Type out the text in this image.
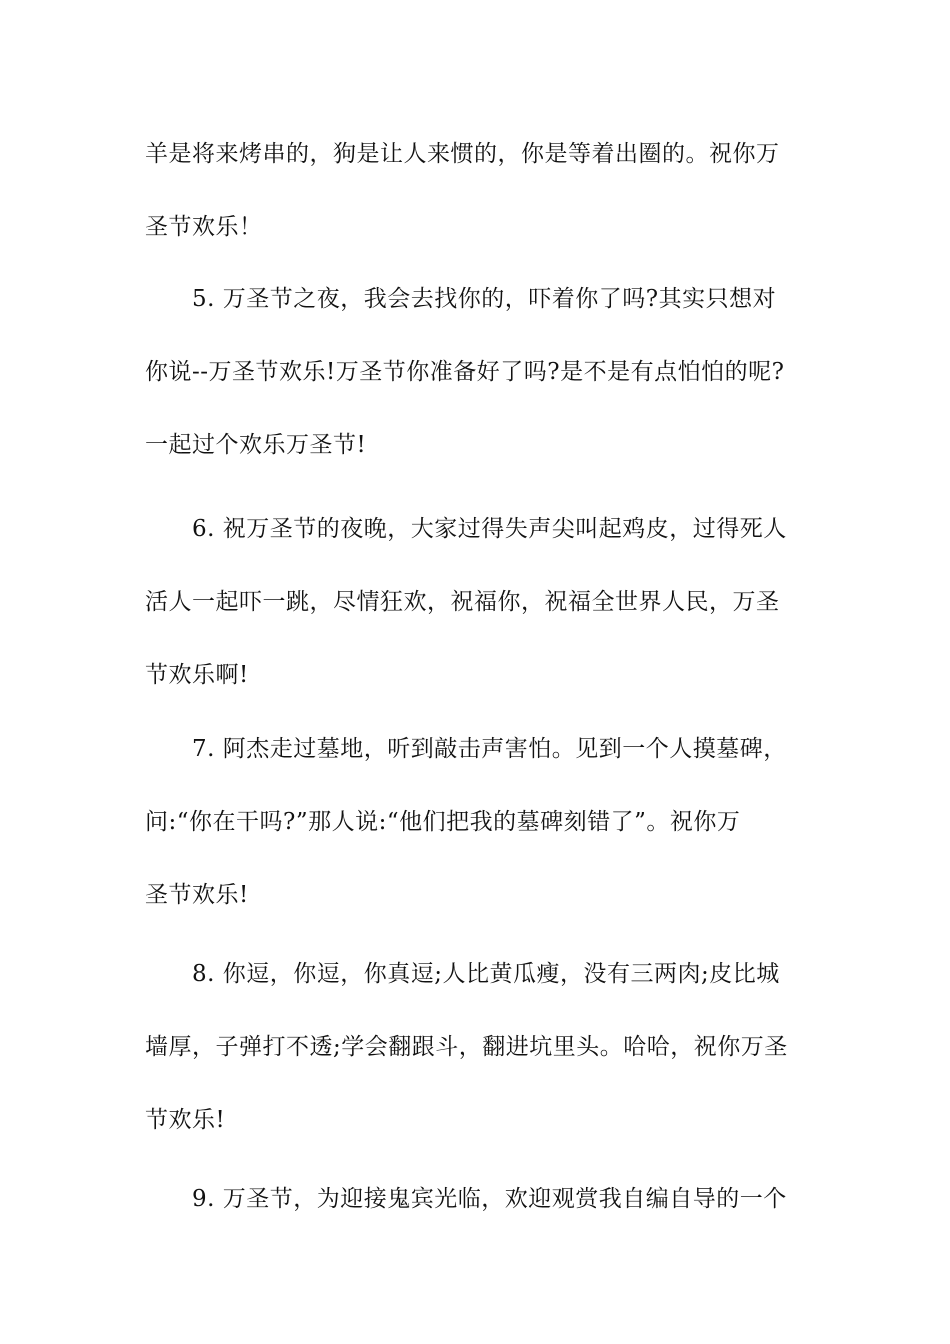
羊是将来烤串的，狗是让人来惯的，你是等着出圈的。祝你万
圣节欢乐！
5. 万圣节之夜，我会去找你的，吓着你了吗?其实只想对
你说--万圣节欢乐!万圣节你准备好了吗?是不是有点怕怕的呢?
一起过个欢乐万圣节!
6. 祝万圣节的夜晚，大家过得失声尖叫起鸡皮，过得死人
活人一起吓一跳，尽情狂欢，祝福你，祝福全世界人民，万圣
节欢乐啊!
7. 阿杰走过墓地，听到敲击声害怕。见到一个人摸墓碑，
问:“你在干吗?”那人说:“他们把我的墓碑刻错了”。祝你万
圣节欢乐!
8. 你逗，你逗，你真逗;人比黄瓜瘦，没有三两肉;皮比城
墙厚，子弹打不透;学会翻跟斗，翻进坑里头。哈哈，祝你万圣
节欢乐!
9. 万圣节，为迎接鬼宾光临，欢迎观赏我自编自导的一个
